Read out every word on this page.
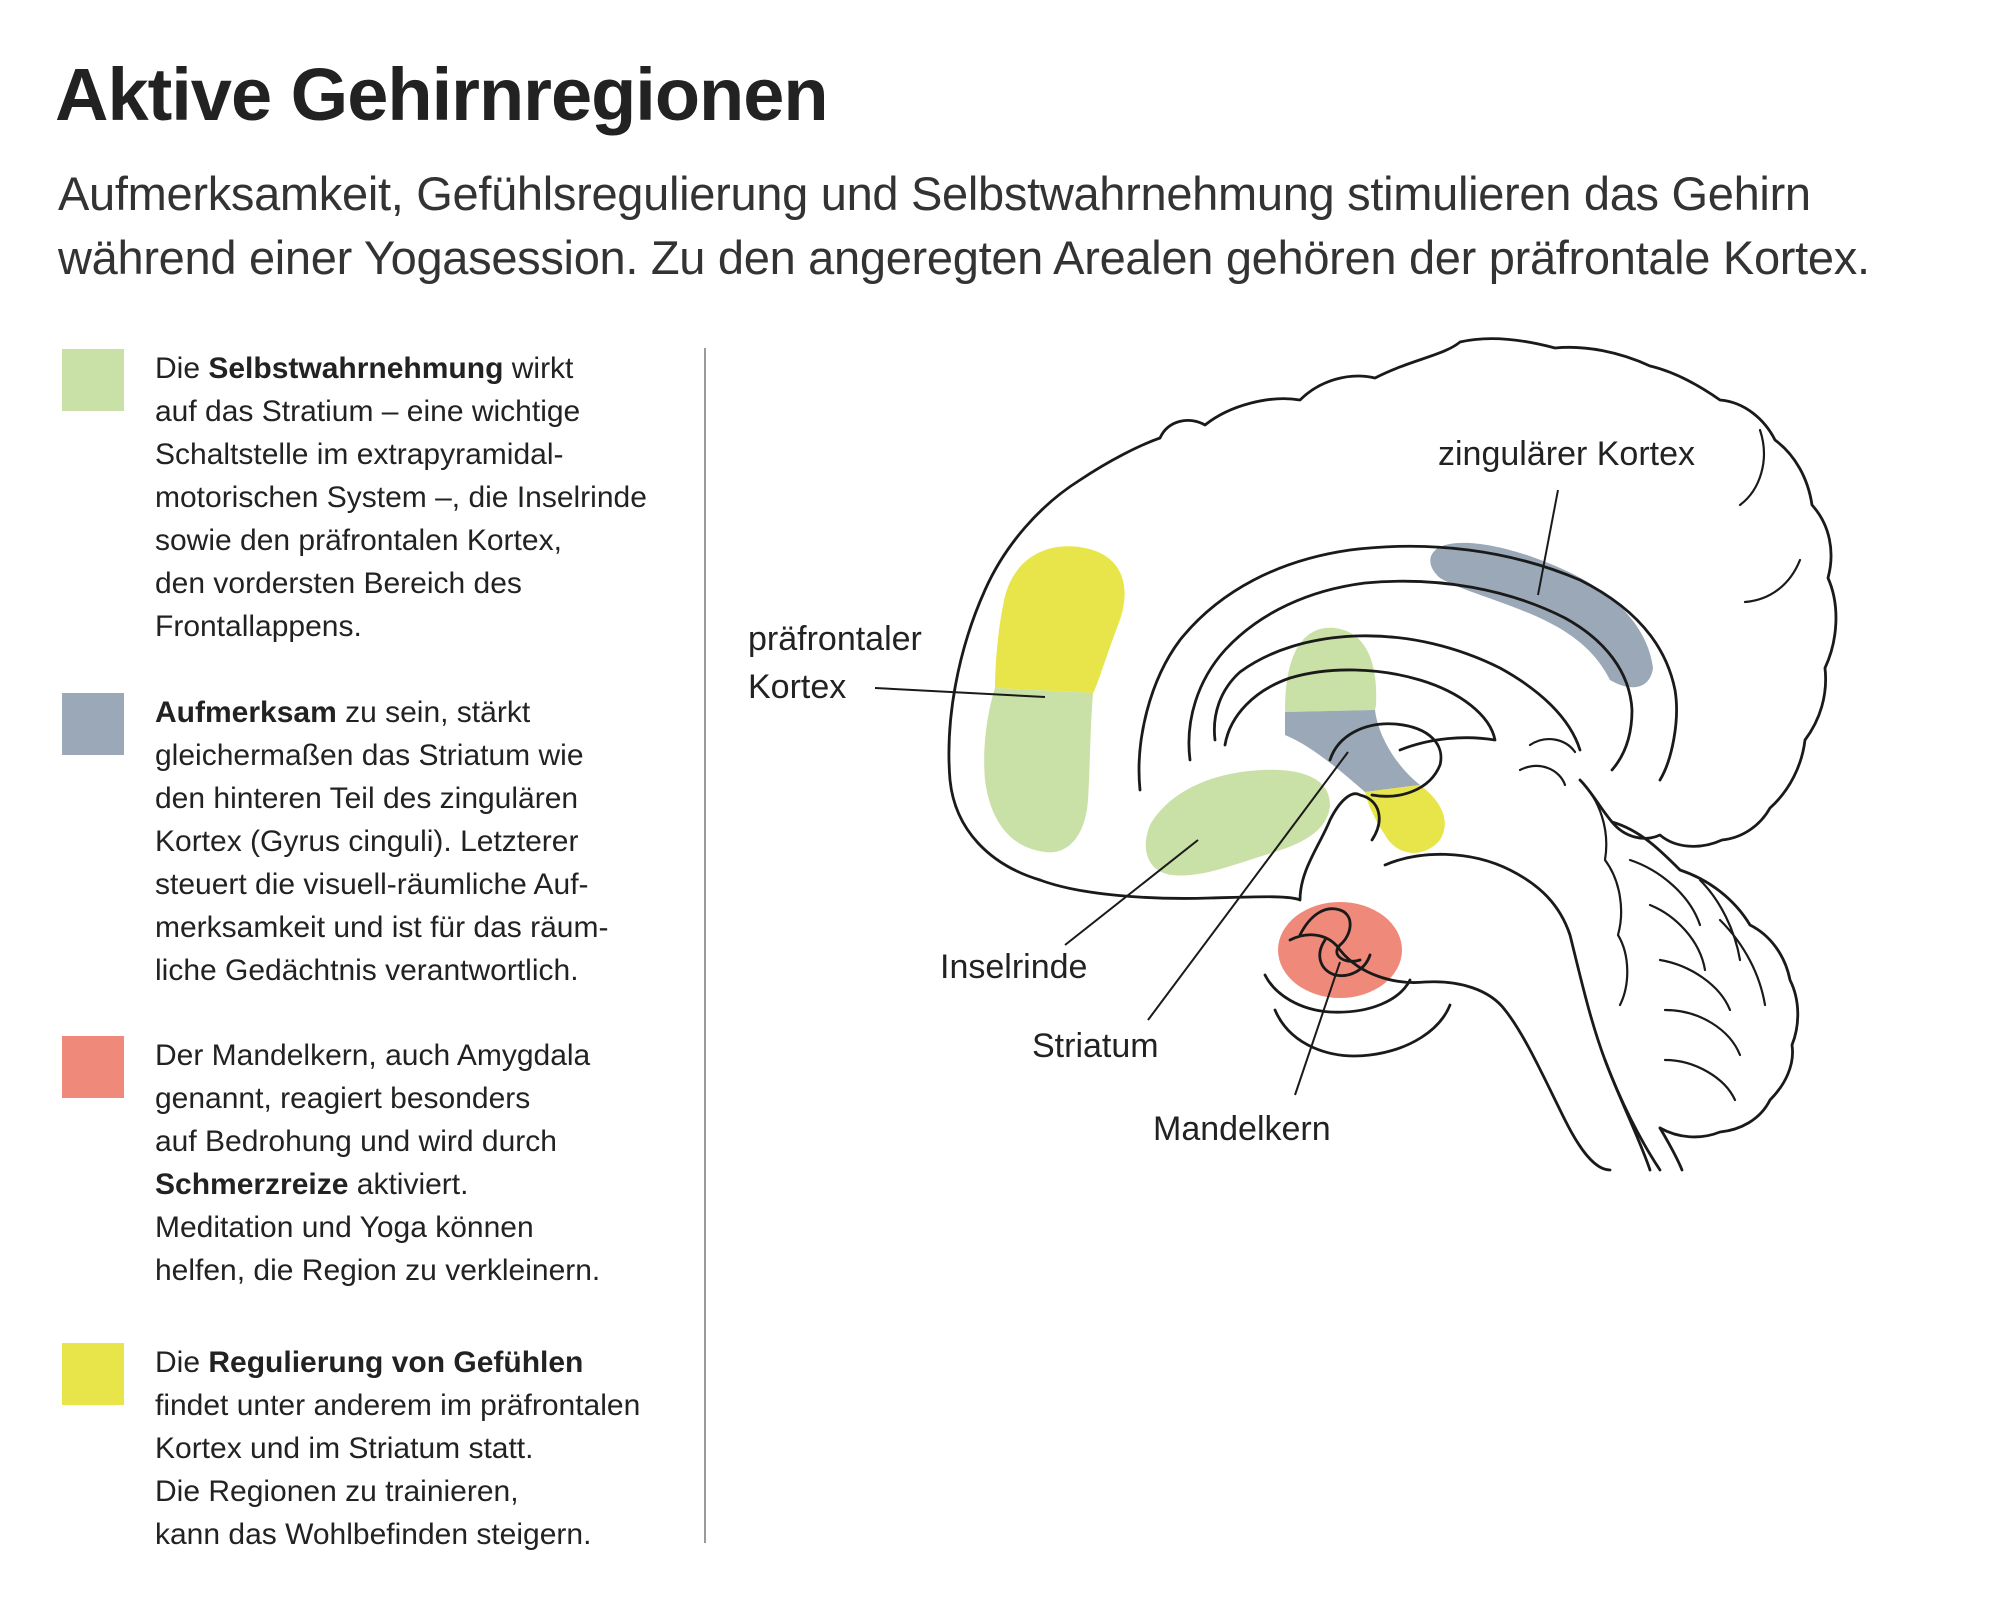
Aktive Gehirnregionen
Aufmerksamkeit, Gefühlsregulierung und Selbstwahrnehmung stimulieren das Gehirn
während einer Yogasession. Zu den angeregten Arealen gehören der präfrontale Kortex.
Die Selbstwahrnehmung wirkt
auf das Stratium – eine wichtige
Schaltstelle im extrapyramidal-
motorischen System –, die Inselrinde
sowie den präfrontalen Kortex,
den vordersten Bereich des
Frontallappens.
Aufmerksam zu sein, stärkt
gleichermaßen das Striatum wie
den hinteren Teil des zingulären
Kortex (Gyrus cinguli). Letzterer
steuert die visuell-räumliche Auf-
merksamkeit und ist für das räum-
liche Gedächtnis verantwortlich.
Der Mandelkern, auch Amygdala
genannt, reagiert besonders
auf Bedrohung und wird durch
Schmerzreize aktiviert.
Meditation und Yoga können
helfen, die Region zu verkleinern.
Die Regulierung von Gefühlen
findet unter anderem im präfrontalen
Kortex und im Striatum statt.
Die Regionen zu trainieren,
kann das Wohlbefinden steigern.
zingulärer Kortex
präfrontaler
Kortex
Inselrinde
Striatum
Mandelkern
